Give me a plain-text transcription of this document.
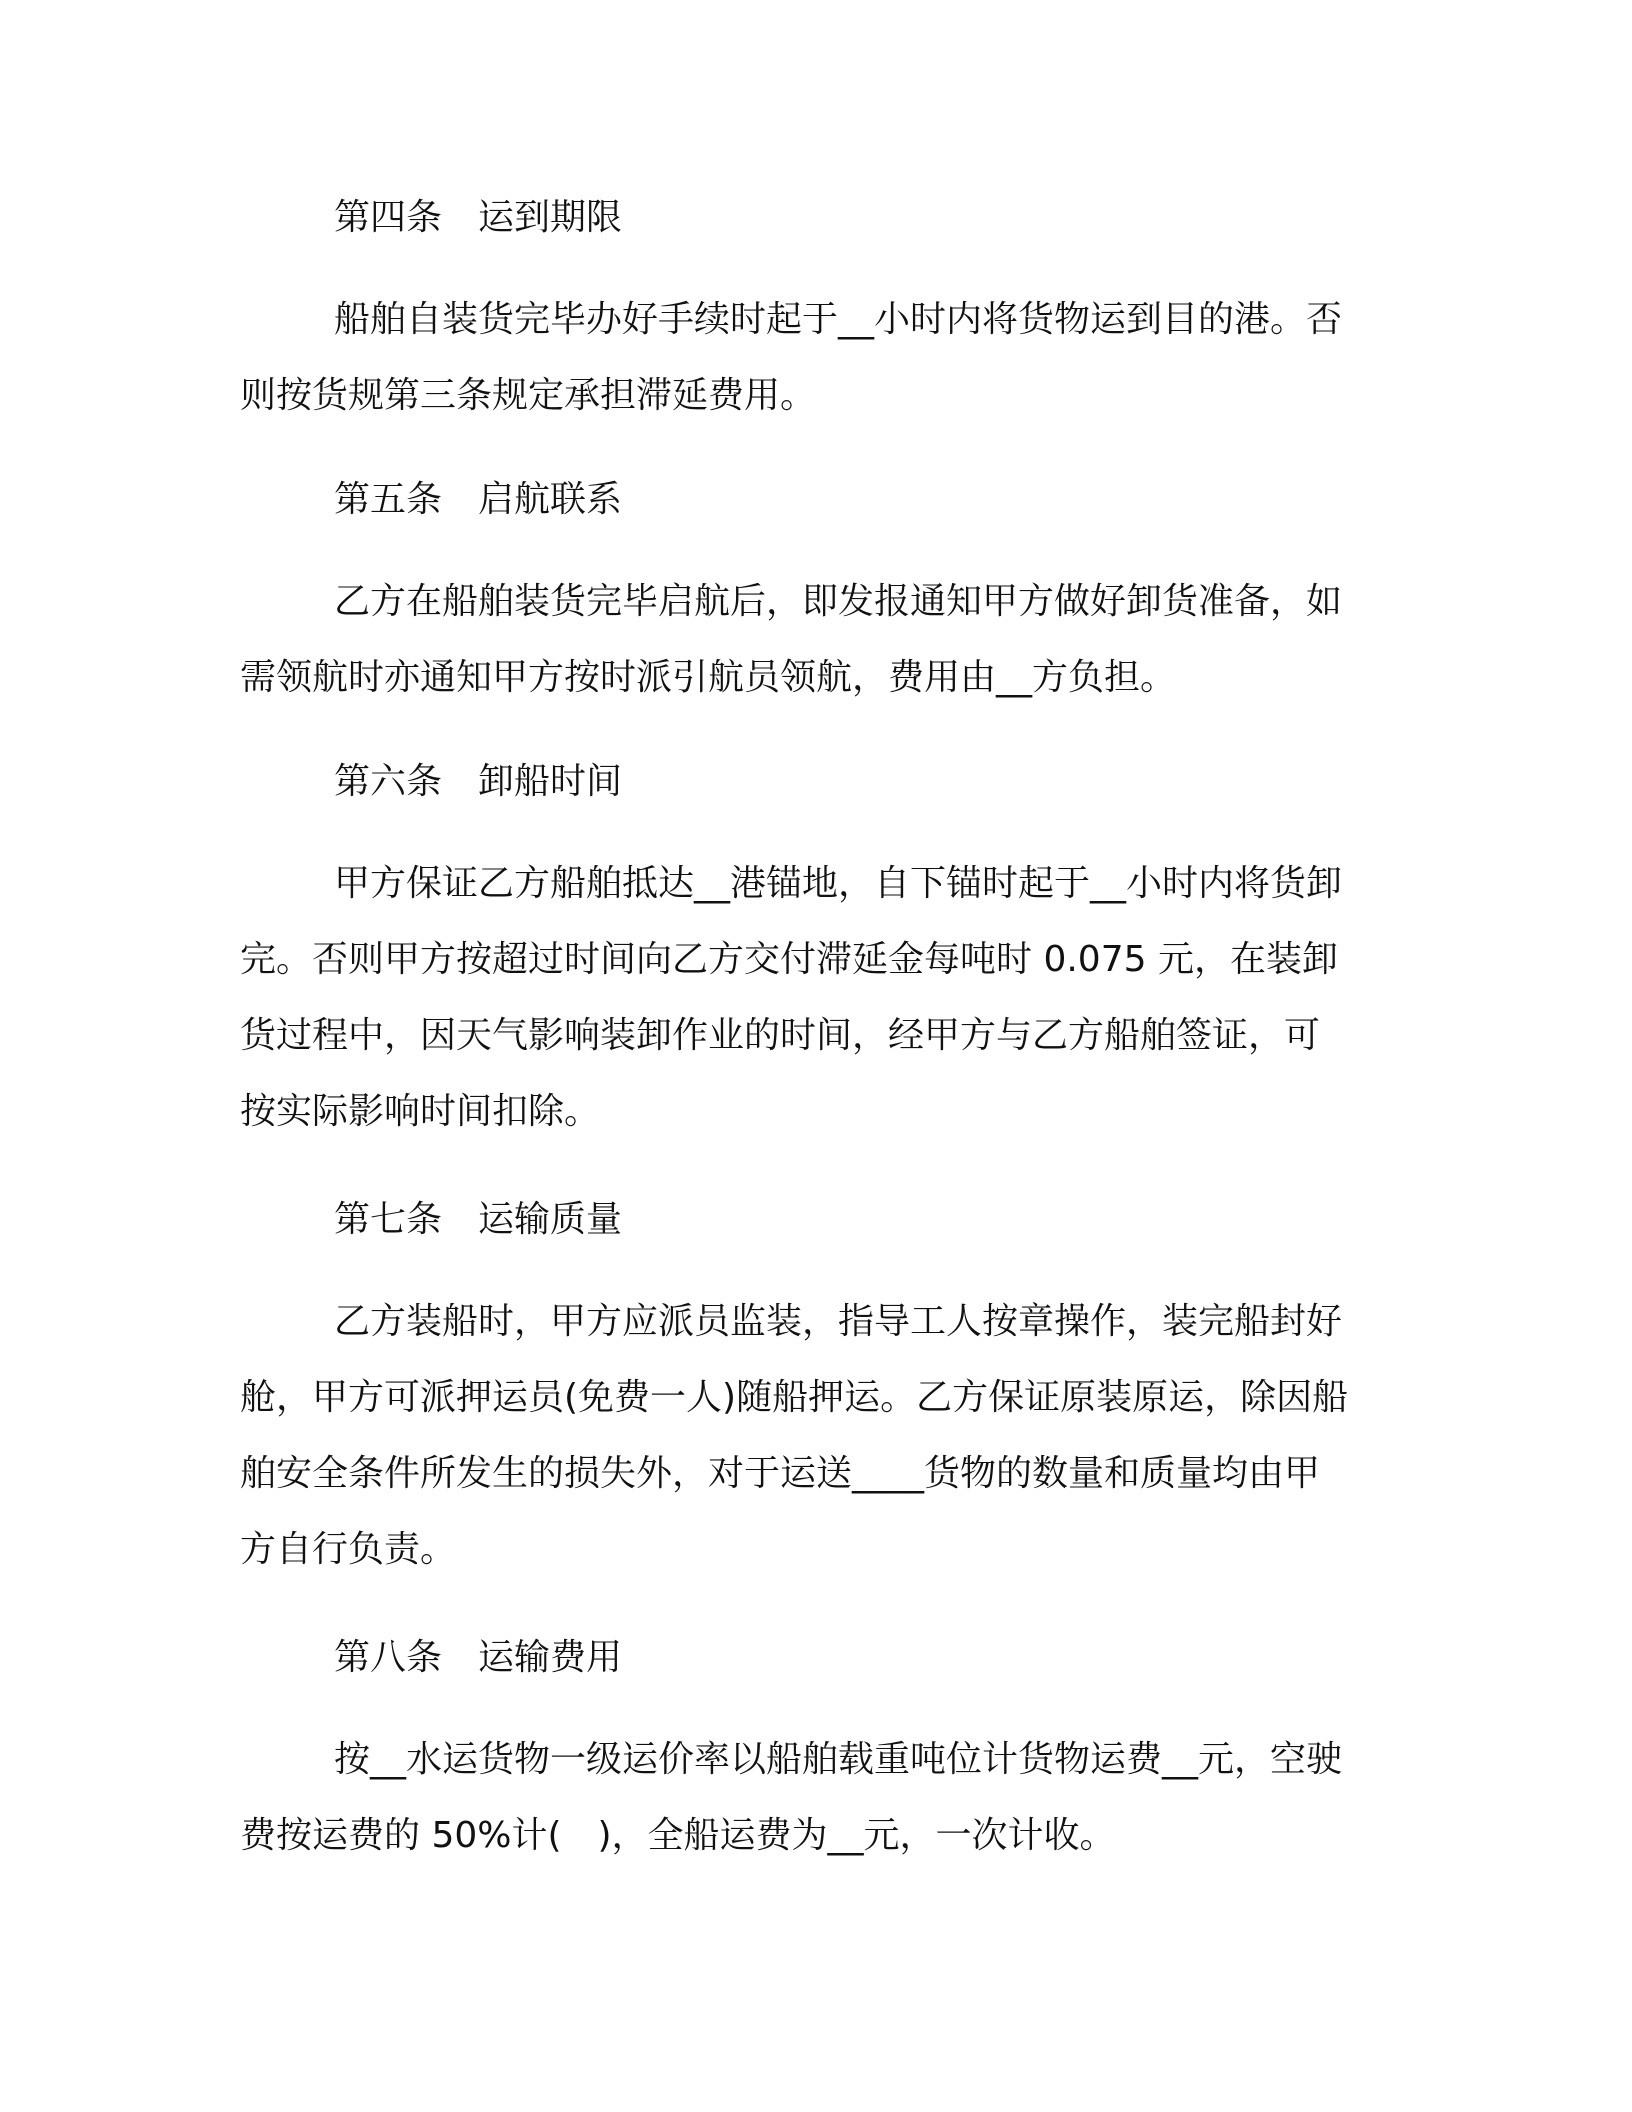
第四条　运到期限
船舶自装货完毕办好手续时起于__小时内将货物运到目的港。否
则按货规第三条规定承担滞延费用。
第五条　启航联系
乙方在船舶装货完毕启航后，即发报通知甲方做好卸货准备，如
需领航时亦通知甲方按时派引航员领航，费用由__方负担。
第六条　卸船时间
甲方保证乙方船舶抵达__港锚地，自下锚时起于__小时内将货卸
完。否则甲方按超过时间向乙方交付滞延金每吨时 0.075 元，在装卸
货过程中，因天气影响装卸作业的时间，经甲方与乙方船舶签证，可
按实际影响时间扣除。
第七条　运输质量
乙方装船时，甲方应派员监装，指导工人按章操作，装完船封好
舱，甲方可派押运员(免费一人)随船押运。乙方保证原装原运，除因船
舶安全条件所发生的损失外，对于运送____货物的数量和质量均由甲
方自行负责。
第八条　运输费用
按__水运货物一级运价率以船舶载重吨位计货物运费__元，空驶
费按运费的 50%计(　)，全船运费为__元，一次计收。
